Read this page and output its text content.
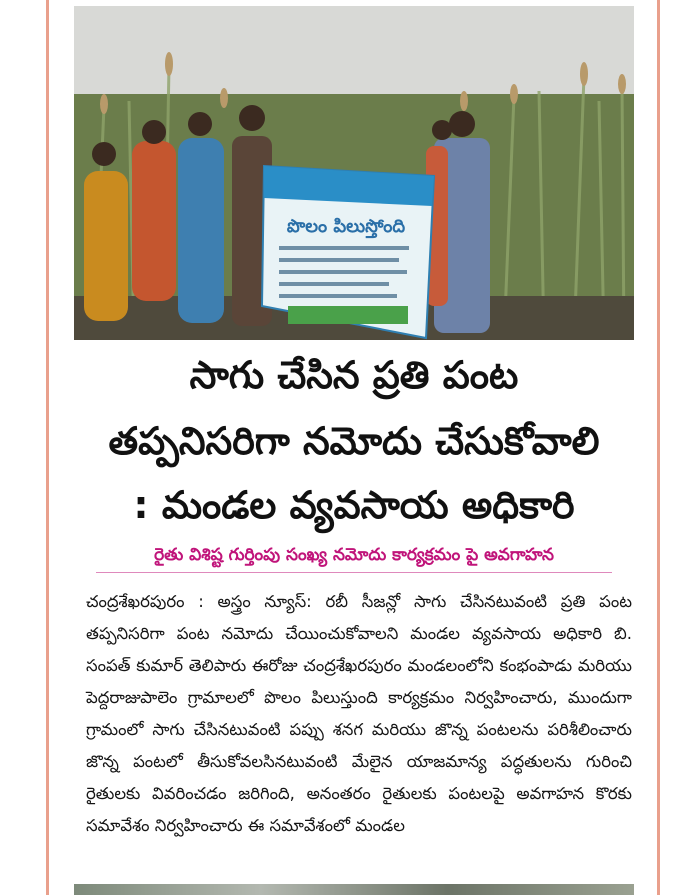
పొలం పిలుస్తోంది
సాగు చేసిన ప్రతి పంట
తప్పనిసరిగా నమోదు చేసుకోవాలి
: మండల వ్యవసాయ అధికారి
రైతు విశిష్ట గుర్తింపు సంఖ్య నమోదు కార్యక్రమం పై అవగాహన

చంద్రశేఖరపురం : అస్త్రం న్యూస్: రబీ సీజన్లో సాగు చేసినటువంటి ప్రతి పంట తప్పనిసరిగా పంట నమోదు చేయించుకోవాలని మండల వ్యవసాయ అధికారి బి. సంపత్ కుమార్ తెలిపారు ఈరోజు చంద్రశేఖరపురం మండలంలోని కంభంపాడు మరియు పెద్దరాజుపాలెం గ్రామాలలో పొలం పిలుస్తుంది కార్యక్రమం నిర్వహించారు, ముందుగా గ్రామంలో సాగు చేసినటువంటి పప్పు శనగ మరియు జొన్న పంటలను పరిశీలించారు జొన్న పంటలో తీసుకోవలసినటువంటి మేలైన యాజమాన్య పద్ధతులను గురించి రైతులకు వివరించడం జరిగింది, అనంతరం రైతులకు పంటలపై అవగాహన కొరకు సమావేశం నిర్వహించారు ఈ సమావేశంలో మండల
